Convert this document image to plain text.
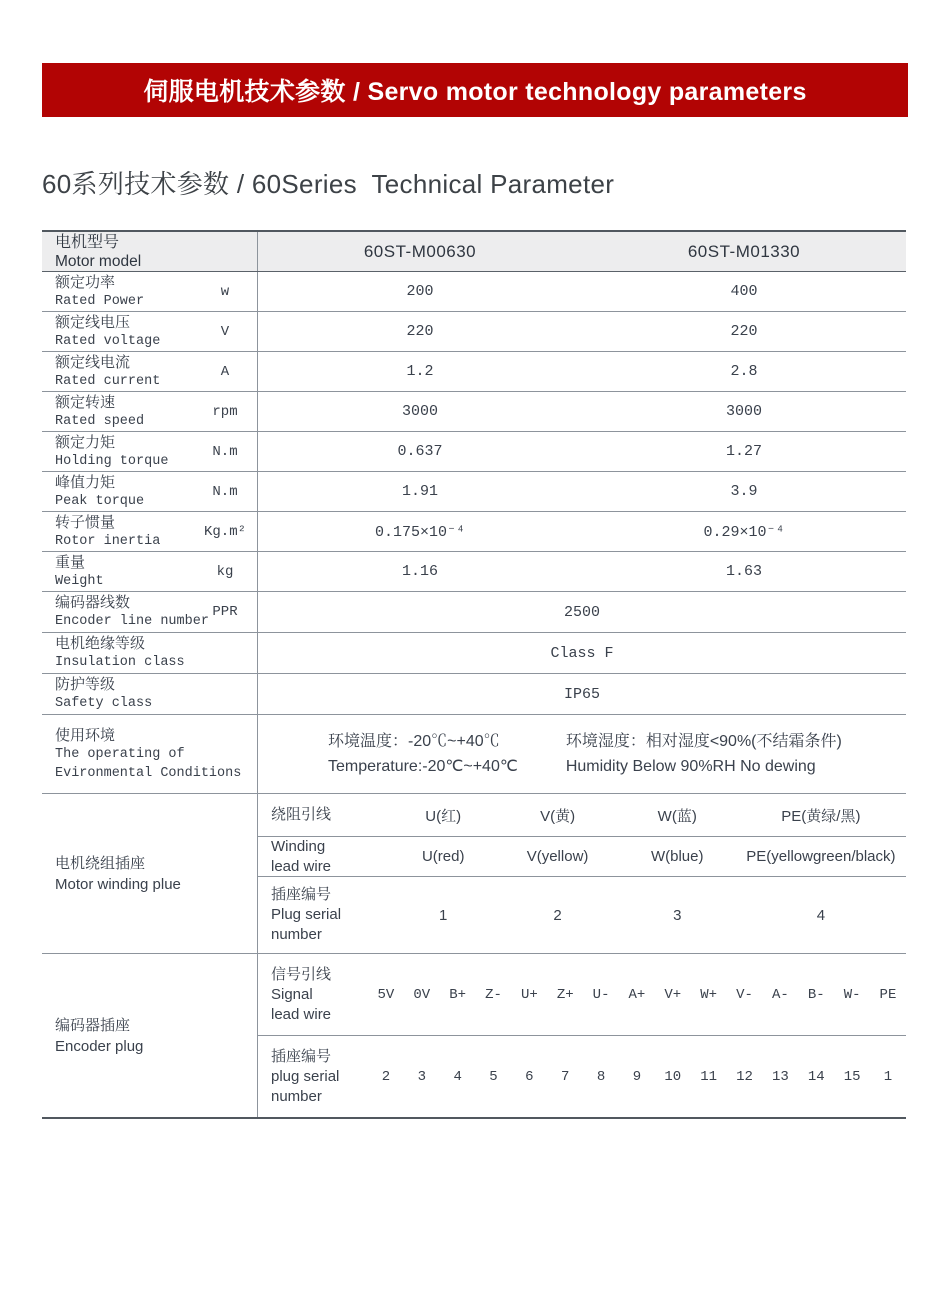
伺服电机技术参数 / Servo motor technology parameters
60系列技术参数 / 60Series  Technical Parameter
电机型号
Motor model
60ST-M00630	60ST-M01330
额定功率
Rated Power
w	200	400
额定线电压
Rated voltage
V	220	220
额定线电流
Rated current
A	1.2	2.8
额定转速
Rated speed
rpm	3000	3000
额定力矩
Holding torque
N.m	0.637	1.27
峰值力矩
Peak torque
N.m	1.91	3.9
转子惯量
Rotor inertia
Kg.m²	0.175×10⁻⁴	0.29×10⁻⁴
重量
Weight
kg	1.16	1.63
编码器线数
Encoder line number
PPR	2500
电机绝缘等级
Insulation class
Class F
防护等级
Safety class
IP65
使用环境
The operating of
Evironmental Conditions
环境温度：-20℃~+40℃
Temperature:-20℃~+40℃
环境湿度：相对湿度<90%(不结霜条件)
Humidity Below 90%RH No dewing
电机绕组插座
Motor winding plue
绕阻引线	U(红)	V(黄)	W(蓝)	PE(黄绿/黑)
Winding
lead wire
U(red)	V(yellow)	W(blue)	PE(yellowgreen/black)
插座编号
Plug serial
number
1	2	3	4
编码器插座
Encoder plug
信号引线
Signal
lead wire
5V	0V	B+	Z-	U+	Z+	U-	A+	V+	W+	V-	A-	B-	W-	PE
插座编号
plug serial
number
2	3	4	5	6	7	8	9	10	11	12	13	14	15	1
